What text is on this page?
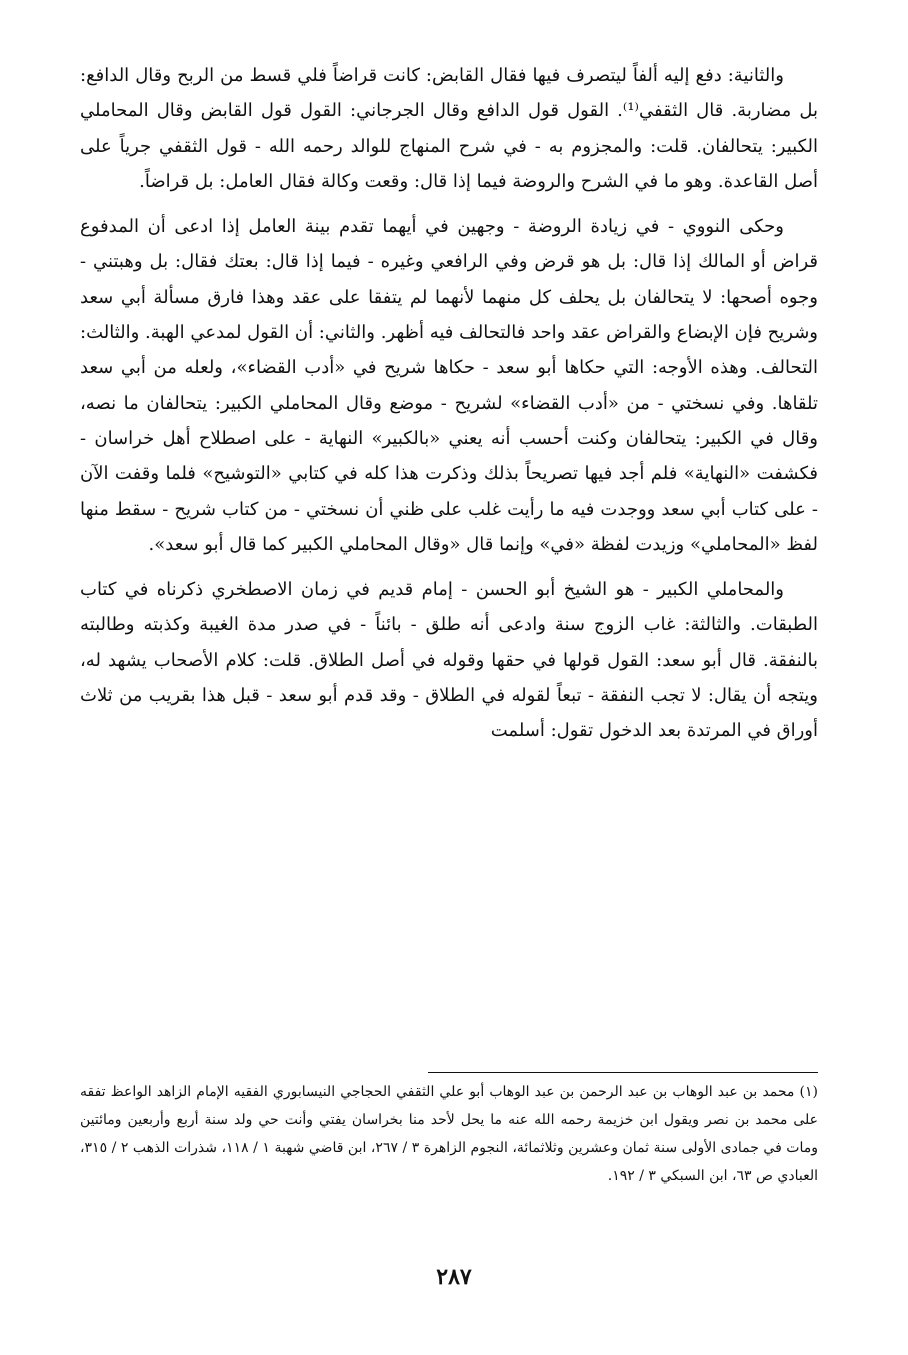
والثانية: دفع إليه ألفاً ليتصرف فيها فقال القابض: كانت قراضاً فلي قسط من الربح وقال الدافع: بل مضاربة. قال الثقفي⁽¹⁾. القول قول الدافع وقال الجرجاني: القول قول القابض وقال المحاملي الكبير: يتحالفان. قلت: والمجزوم به - في شرح المنهاج للوالد رحمه الله - قول الثقفي جرياً على أصل القاعدة. وهو ما في الشرح والروضة فيما إذا قال: وقعت وكالة فقال العامل: بل قراضاً.

وحكى النووي - في زيادة الروضة - وجهين في أيهما تقدم بينة العامل إذا ادعى أن المدفوع قراض أو المالك إذا قال: بل هو قرض وفي الرافعي وغيره - فيما إذا قال: بعتك فقال: بل وهبتني - وجوه أصحها: لا يتحالفان بل يحلف كل منهما لأنهما لم يتفقا على عقد وهذا فارق مسألة أبي سعد وشريح فإن الإبضاع والقراض عقد واحد فالتحالف فيه أظهر. والثاني: أن القول لمدعي الهبة. والثالث: التحالف. وهذه الأوجه: التي حكاها أبو سعد - حكاها شريح في «أدب القضاء»، ولعله من أبي سعد تلقاها. وفي نسختي - من «أدب القضاء» لشريح - موضع وقال المحاملي الكبير: يتحالفان ما نصه، وقال في الكبير: يتحالفان وكنت أحسب أنه يعني «بالكبير» النهاية - على اصطلاح أهل خراسان - فكشفت «النهاية» فلم أجد فيها تصريحاً بذلك وذكرت هذا كله في كتابي «التوشيح» فلما وقفت الآن - على كتاب أبي سعد ووجدت فيه ما رأيت غلب على ظني أن نسختي - من كتاب شريح - سقط منها لفظ «المحاملي» وزيدت لفظة «في» وإنما قال «وقال المحاملي الكبير كما قال أبو سعد».

والمحاملي الكبير - هو الشيخ أبو الحسن - إمام قديم في زمان الاصطخري ذكرناه في كتاب الطبقات. والثالثة: غاب الزوج سنة وادعى أنه طلق - بائناً - في صدر مدة الغيبة وكذبته وطالبته بالنفقة. قال أبو سعد: القول قولها في حقها وقوله في أصل الطلاق. قلت: كلام الأصحاب يشهد له، ويتجه أن يقال: لا تجب النفقة - تبعاً لقوله في الطلاق - وقد قدم أبو سعد - قبل هذا بقريب من ثلاث أوراق في المرتدة بعد الدخول تقول: أسلمت

(١) محمد بن عبد الوهاب بن عبد الرحمن بن عبد الوهاب أبو علي الثقفي الحجاجي النيسابوري الفقيه الإمام الزاهد الواعظ تفقه على محمد بن نصر ويقول ابن خزيمة رحمه الله عنه ما يحل لأحد منا بخراسان يفتي وأنت حي ولد سنة أربع وأربعين ومائتين ومات في جمادى الأولى سنة ثمان وعشرين وثلاثمائة، النجوم الزاهرة ٣ / ٢٦٧، ابن قاضي شهبة ١ / ١١٨، شذرات الذهب ٢ / ٣١٥، العبادي ص ٦٣، ابن السبكي ٣ / ١٩٢.
٢٨٧
